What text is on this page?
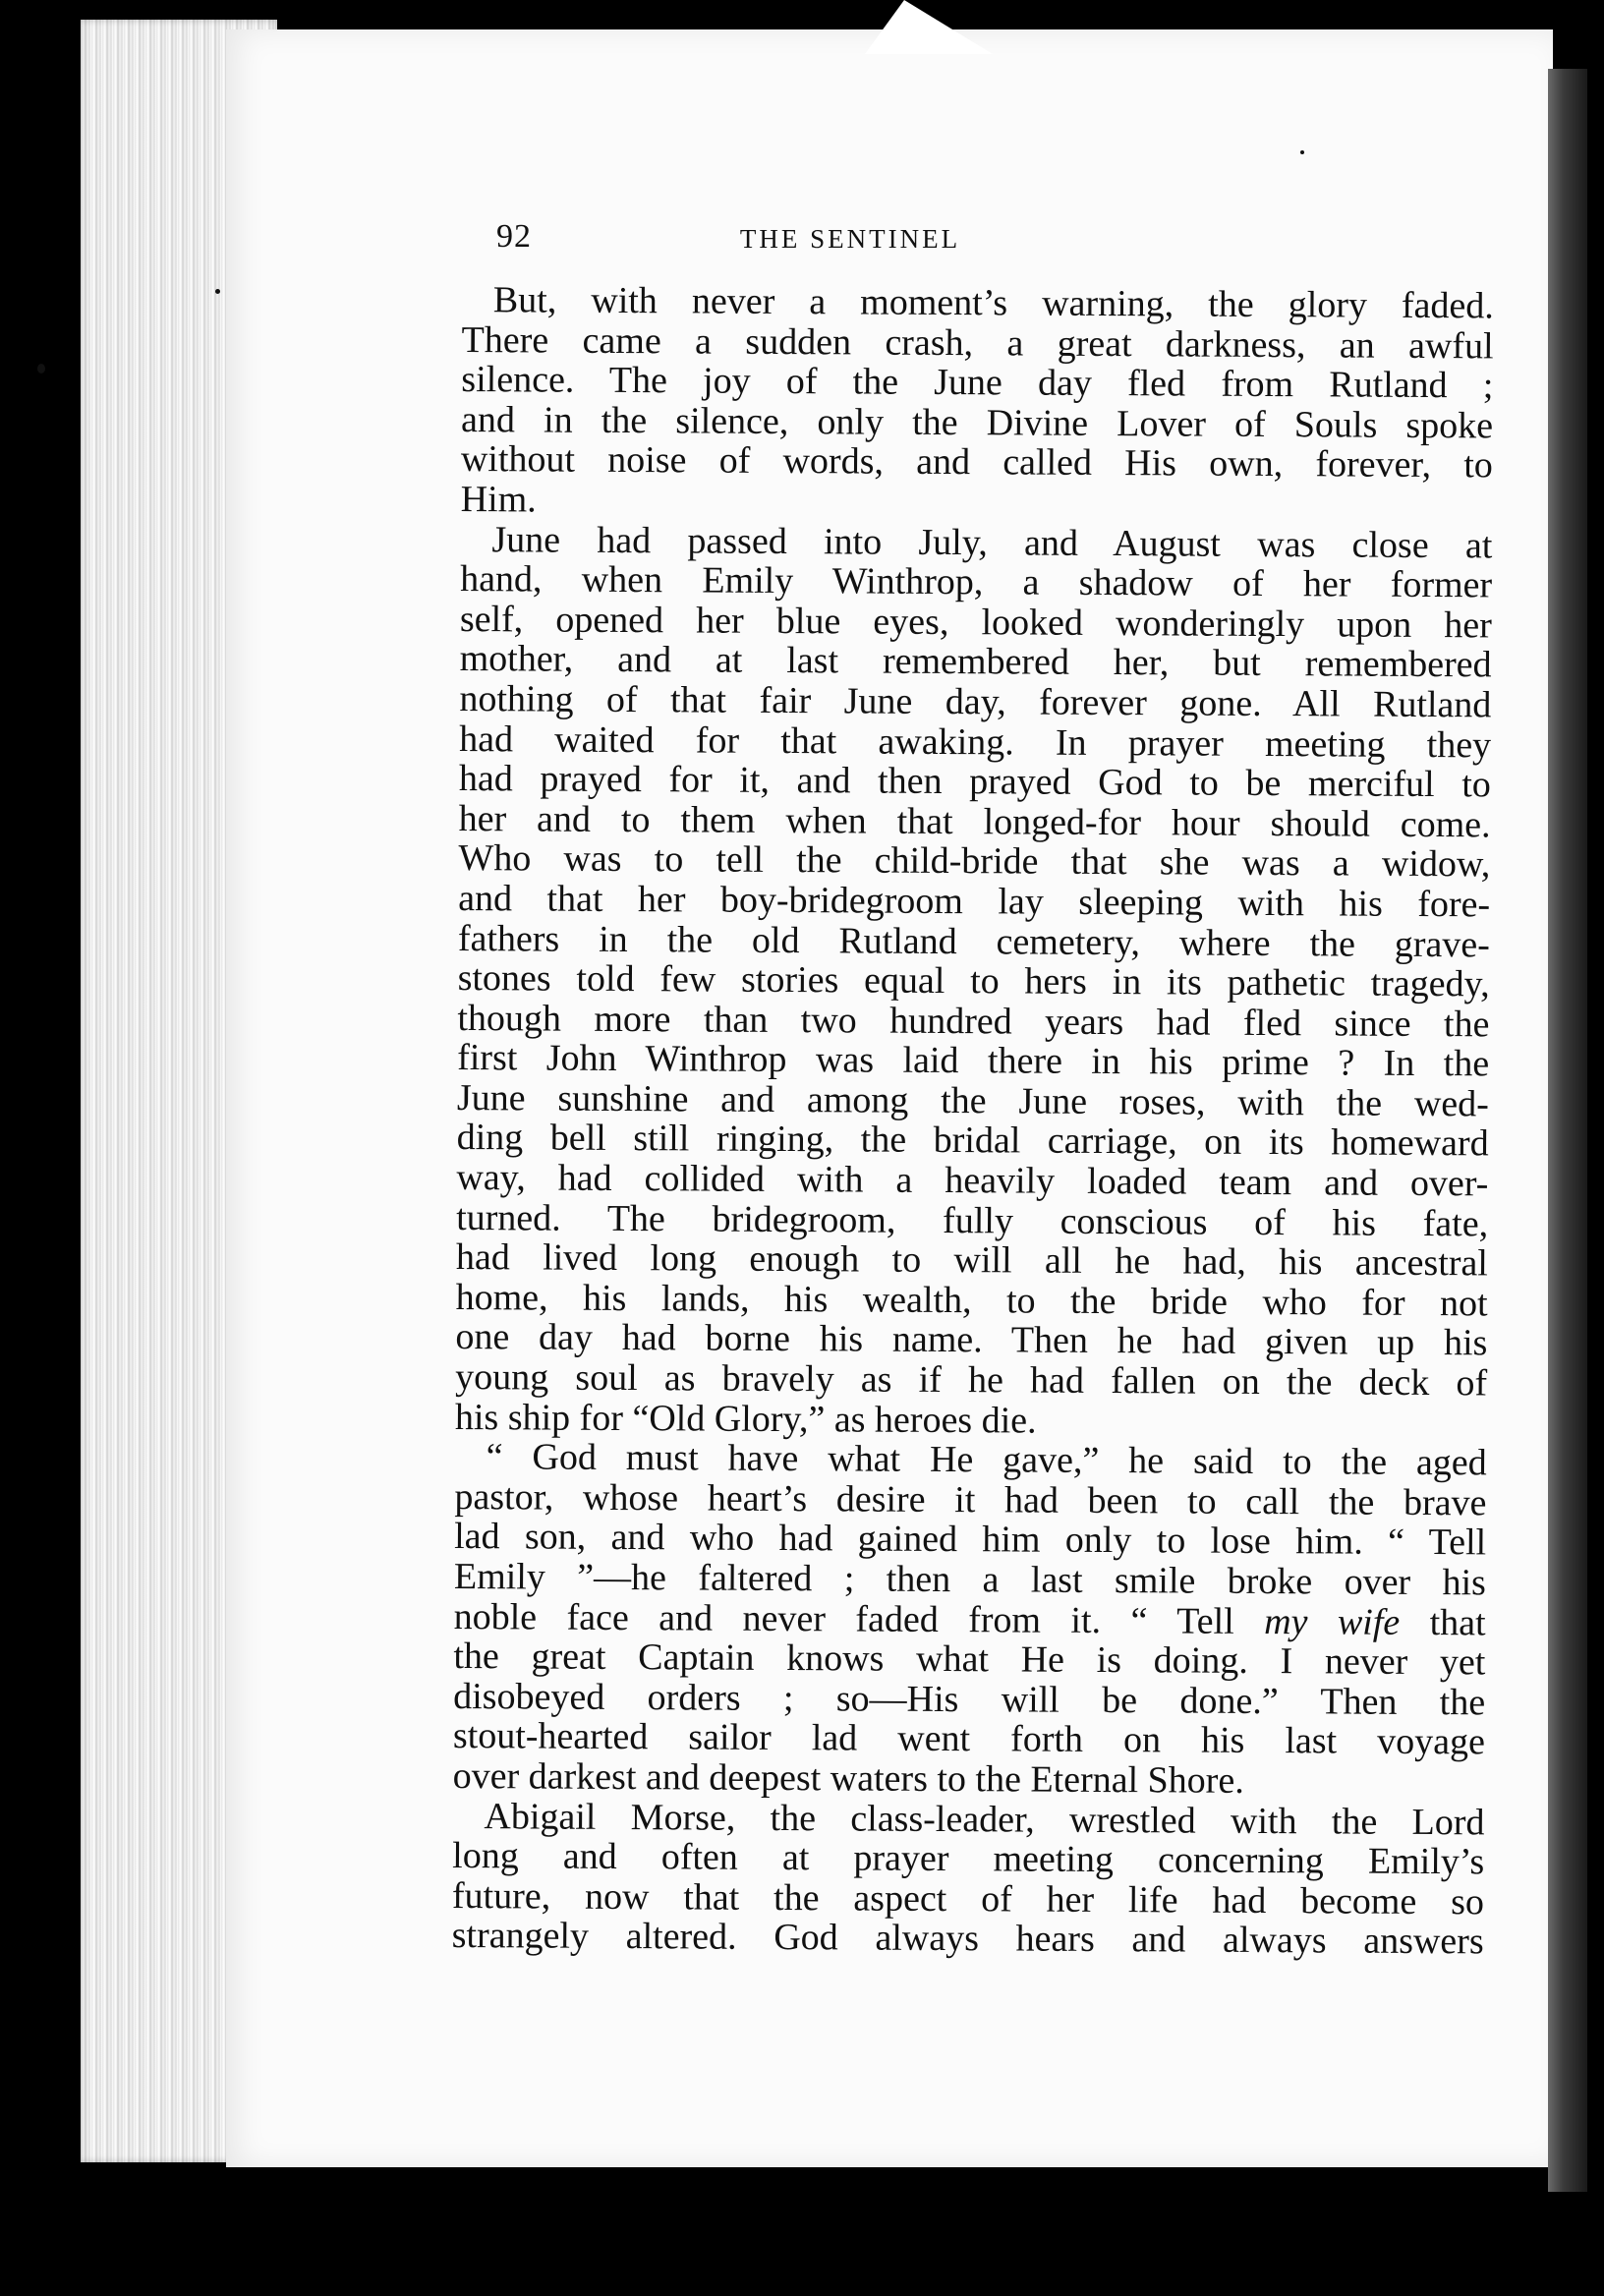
92	THE SENTINEL
But, with never a moment’s warning, the glory faded.
There came a sudden crash, a great darkness, an awful
silence. The joy of the June day fled from Rutland ;
and in the silence, only the Divine Lover of Souls spoke
without noise of words, and called His own, forever, to
Him.
June had passed into July, and August was close at
hand, when Emily Winthrop, a shadow of her former
self, opened her blue eyes, looked wonderingly upon her
mother, and at last remembered her, but remembered
nothing of that fair June day, forever gone. All Rutland
had waited for that awaking. In prayer meeting they
had prayed for it, and then prayed God to be merciful to
her and to them when that longed-for hour should come.
Who was to tell the child-bride that she was a widow,
and that her boy-bridegroom lay sleeping with his fore-
fathers in the old Rutland cemetery, where the grave-
stones told few stories equal to hers in its pathetic tragedy,
though more than two hundred years had fled since the
first John Winthrop was laid there in his prime ? In the
June sunshine and among the June roses, with the wed-
ding bell still ringing, the bridal carriage, on its homeward
way, had collided with a heavily loaded team and over-
turned. The bridegroom, fully conscious of his fate,
had lived long enough to will all he had, his ancestral
home, his lands, his wealth, to the bride who for not
one day had borne his name. Then he had given up his
young soul as bravely as if he had fallen on the deck of
his ship for “Old Glory,” as heroes die.
“ God must have what He gave,” he said to the aged
pastor, whose heart’s desire it had been to call the brave
lad son, and who had gained him only to lose him. “ Tell
Emily ”—he faltered ; then a last smile broke over his
noble face and never faded from it. “ Tell my wife that
the great Captain knows what He is doing. I never yet
disobeyed orders ; so—His will be done.” Then the
stout-hearted sailor lad went forth on his last voyage
over darkest and deepest waters to the Eternal Shore.
Abigail Morse, the class-leader, wrestled with the Lord
long and often at prayer meeting concerning Emily’s
future, now that the aspect of her life had become so
strangely altered. God always hears and always answers
